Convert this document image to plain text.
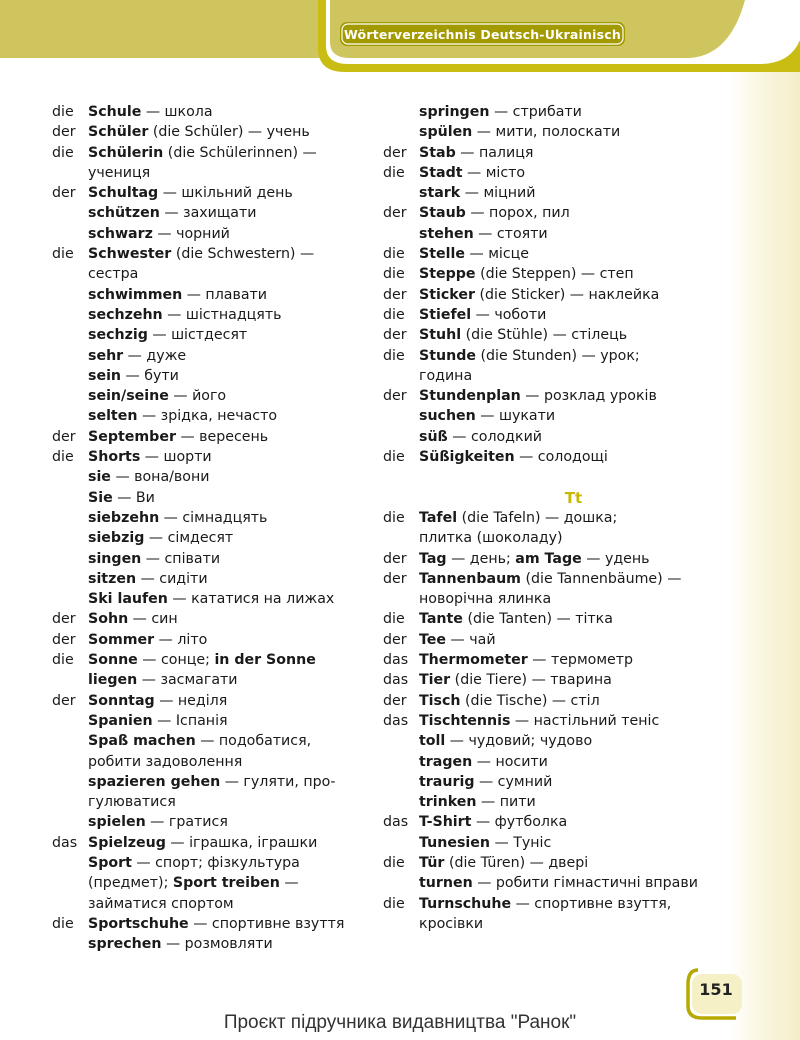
Wörterverzeichnis Deutsch-Ukrainisch
die	Schule — школа
der Schüler (die Schüler) — учень
die	Schülerin (die Schülerinnen) —
учениця
der Schultag — шкільний день
schützen — захищати
schwarz — чорний
die	Schwester (die Schwestern) —
сестра
schwimmen — плавати
sechzehn — шістнадцять
sechzig — шістдесят
sehr — дуже
sein — бути
sein/seine — його
selten — зрідка, нечасто
der September — вересень
die	Shorts — шорти
sie — вона/вони
Sie — Ви
siebzehn — сімнадцять
siebzig — сімдесят
singen — співати
sitzen — сидіти
Ski laufen — кататися на лижах
der Sohn — син
der Sommer — літо
die	Sonne — сонце; in der Sonne
liegen — засмагати
der Sonntag — неділя
Spanien — Іспанія
Spaß machen — подобатися,
робити задоволення
spazieren gehen — гуляти, про-
гулюватися
spielen — гратися
das Spielzeug — іграшка, іграшки
Sport — спорт; фізкультура
(предмет); Sport treiben —
займатися спортом
die	Sportschuhe — спортивне взуття
sprechen — розмовляти
springen — стрибати
spülen — мити, полоскати
der Stab — палиця
die	Stadt — місто
stark — міцний
der Staub — порох, пил
stehen — стояти
die	Stelle — місце
die	Steppe (die Steppen) — степ
der Sticker (die Sticker) — наклейка
die	Stiefel — чоботи
der Stuhl (die Stühle) — стілець
die	Stunde (die Stunden) — урок;
година
der Stundenplan — розклад уроків
suchen — шукати
süß — солодкий
die	Süßigkeiten — солодощі
Tt
die	Tafel (die Tafeln) — дошка;
плитка (шоколаду)
der Tag — день; am Tage — удень
der Tannenbaum (die Tannenbäume) —
новорічна ялинка
die	Tante (die Tanten) — тітка
der Tee — чай
das Thermometer — термометр
das Tier (die Tiere) — тварина
der Tisch (die Tische) — стіл
das Tischtennis — настільний теніс
toll — чудовий; чудово
tragen — носити
traurig — сумний
trinken — пити
das T-Shirt — футболка
Tunesien — Туніс
die	Tür (die Türen) — двері
turnen — робити гімнастичні вправи
die	Turnschuhe — спортивне взуття,
кросівки
151
Проєкт підручника видавництва "Ранок"
